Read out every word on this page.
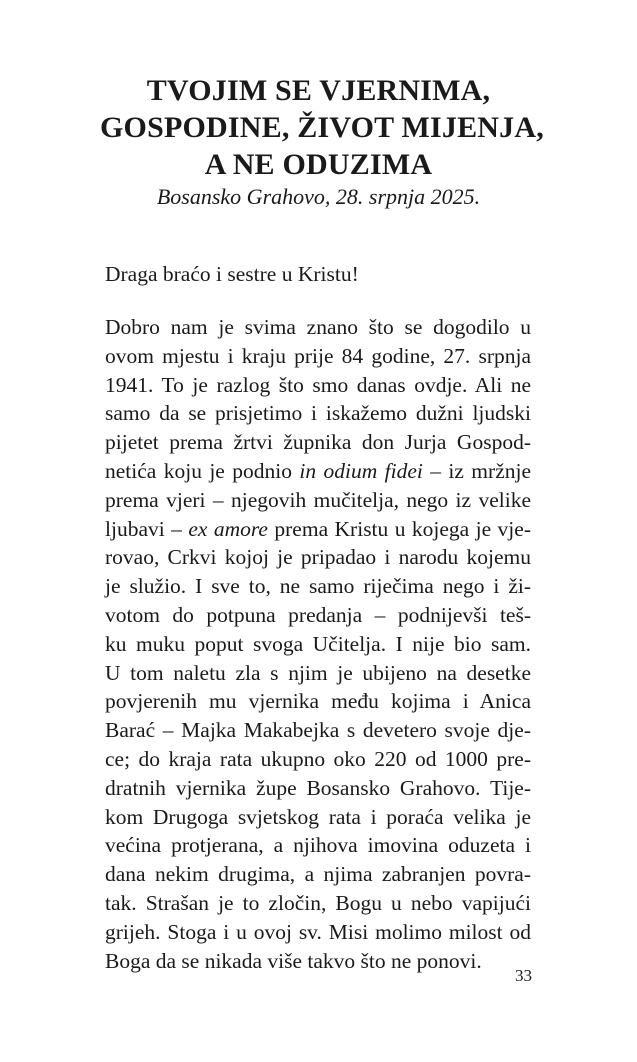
TVOJIM SE VJERNIMA,
GOSPODINE, ŽIVOT MIJENJA,
A NE ODUZIMA
Bosansko Grahovo, 28. srpnja 2025.
Draga braćo i sestre u Kristu!
Dobro nam je svima znano što se dogodilo u
ovom mjestu i kraju prije 84 godine, 27. srpnja
1941. To je razlog što smo danas ovdje. Ali ne
samo da se prisjetimo i iskažemo dužni ljudski
pijetet prema žrtvi župnika don Jurja Gospod-
netića koju je podnio in odium fidei – iz mržnje
prema vjeri – njegovih mučitelja, nego iz velike
ljubavi – ex amore prema Kristu u kojega je vje-
rovao, Crkvi kojoj je pripadao i narodu kojemu
je služio. I sve to, ne samo riječima nego i ži-
votom do potpuna predanja – podnijevši teš-
ku muku poput svoga Učitelja. I nije bio sam.
U tom naletu zla s njim je ubijeno na desetke
povjerenih mu vjernika među kojima i Anica
Barać – Majka Makabejka s devetero svoje dje-
ce; do kraja rata ukupno oko 220 od 1000 pre-
dratnih vjernika župe Bosansko Grahovo. Tije-
kom Drugoga svjetskog rata i poraća velika je
većina protjerana, a njihova imovina oduzeta i
dana nekim drugima, a njima zabranjen povra-
tak. Strašan je to zločin, Bogu u nebo vapijući
grijeh. Stoga i u ovoj sv. Misi molimo milost od
Boga da se nikada više takvo što ne ponovi.
33
